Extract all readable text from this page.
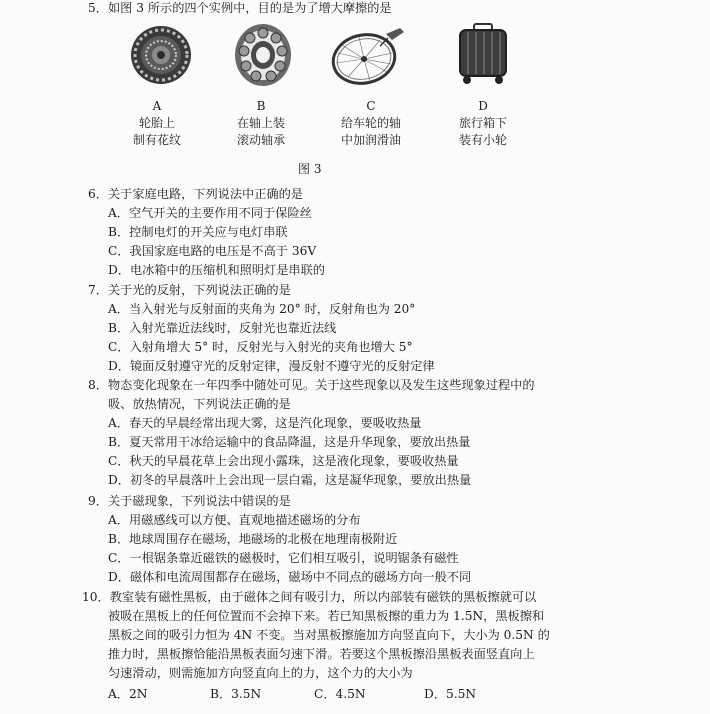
5．如图 3 所示的四个实例中，目的是为了增大摩擦的是
A
轮胎上
制有花纹
B
在轴上装
滚动轴承
C
给车轮的轴
中加润滑油
D
旅行箱下
装有小轮
图 3
6．关于家庭电路，下列说法中正确的是
A．空气开关的主要作用不同于保险丝
B．控制电灯的开关应与电灯串联
C．我国家庭电路的电压是不高于 36V
D．电冰箱中的压缩机和照明灯是串联的
7．关于光的反射，下列说法正确的是
A．当入射光与反射面的夹角为 20° 时，反射角也为 20°
B．入射光靠近法线时，反射光也靠近法线
C．入射角增大 5° 时，反射光与入射光的夹角也增大 5°
D．镜面反射遵守光的反射定律，漫反射不遵守光的反射定律
8．物态变化现象在一年四季中随处可见。关于这些现象以及发生这些现象过程中的
吸、放热情况，下列说法正确的是
A．春天的早晨经常出现大雾，这是汽化现象，要吸收热量
B．夏天常用干冰给运输中的食品降温，这是升华现象，要放出热量
C．秋天的早晨花草上会出现小露珠，这是液化现象，要吸收热量
D．初冬的早晨落叶上会出现一层白霜，这是凝华现象，要放出热量
9．关于磁现象，下列说法中错误的是
A．用磁感线可以方便、直观地描述磁场的分布
B．地球周围存在磁场，地磁场的北极在地理南极附近
C．一根锯条靠近磁铁的磁极时，它们相互吸引，说明锯条有磁性
D．磁体和电流周围都存在磁场，磁场中不同点的磁场方向一般不同
10．教室装有磁性黑板，由于磁体之间有吸引力，所以内部装有磁铁的黑板擦就可以
被吸在黑板上的任何位置而不会掉下来。若已知黑板擦的重力为 1.5N，黑板擦和
黑板之间的吸引力恒为 4N 不变。当对黑板擦施加方向竖直向下，大小为 0.5N 的
推力时，黑板擦恰能沿黑板表面匀速下滑。若要这个黑板擦沿黑板表面竖直向上
匀速滑动，则需施加方向竖直向上的力，这个力的大小为
A．2N	B．3.5N	C．4.5N	D．5.5N
